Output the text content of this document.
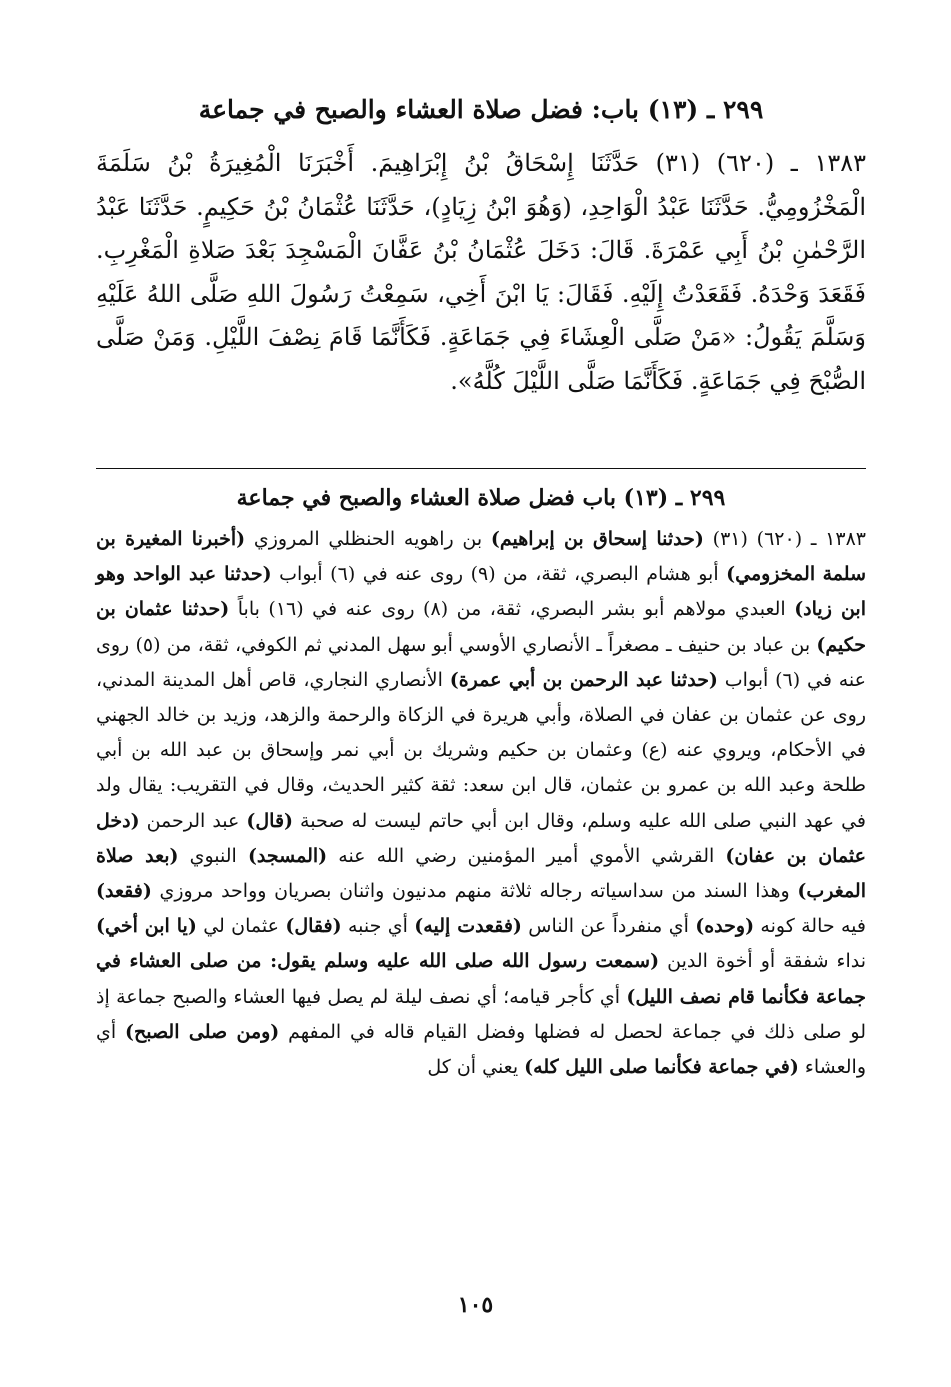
٢٩٩ ـ (١٣) باب: فضل صلاة العشاء والصبح في جماعة

١٣٨٣ ـ (٦٢٠) (٣١) حَدَّثَنَا إِسْحَاقُ بْنُ إِبْرَاهِيمَ. أَخْبَرَنَا الْمُغِيرَةُ بْنُ سَلَمَةَ الْمَخْزُومِيُّ. حَدَّثَنَا عَبْدُ الْوَاحِدِ، (وَهُوَ ابْنُ زِيَادٍ)، حَدَّثَنَا عُثْمَانُ بْنُ حَكِيمٍ. حَدَّثَنَا عَبْدُ الرَّحْمٰنِ بْنُ أَبِي عَمْرَةَ. قَالَ: دَخَلَ عُثْمَانُ بْنُ عَفَّانَ الْمَسْجِدَ بَعْدَ صَلاةِ الْمَغْرِبِ. فَقَعَدَ وَحْدَهُ. فَقَعَدْتُ إِلَيْهِ. فَقَالَ: يَا ابْنَ أَخِي، سَمِعْتُ رَسُولَ اللهِ صَلَّى اللهُ عَلَيْهِ وَسَلَّمَ يَقُولُ: «مَنْ صَلَّى الْعِشَاءَ فِي جَمَاعَةٍ. فَكَأَنَّمَا قَامَ نِصْفَ اللَّيْلِ. وَمَنْ صَلَّى الصُّبْحَ فِي جَمَاعَةٍ. فَكَأَنَّمَا صَلَّى اللَّيْلَ كُلَّهُ».

٢٩٩ ـ (١٣) باب فضل صلاة العشاء والصبح في جماعة

١٣٨٣ ـ (٦٢٠) (٣١) (حدثنا إسحاق بن إبراهيم) بن راهويه الحنظلي المروزي (أخبرنا المغيرة بن سلمة المخزومي) أبو هشام البصري، ثقة، من (٩) روى عنه في (٦) أبواب (حدثنا عبد الواحد وهو ابن زياد) العبدي مولاهم أبو بشر البصري، ثقة، من (٨) روى عنه في (١٦) باباً (حدثنا عثمان بن حكيم) بن عباد بن حنيف ـ مصغراً ـ الأنصاري الأوسي أبو سهل المدني ثم الكوفي، ثقة، من (٥) روى عنه في (٦) أبواب (حدثنا عبد الرحمن بن أبي عمرة) الأنصاري النجاري، قاص أهل المدينة المدني، روى عن عثمان بن عفان في الصلاة، وأبي هريرة في الزكاة والرحمة والزهد، وزيد بن خالد الجهني في الأحكام، ويروي عنه (ع) وعثمان بن حكيم وشريك بن أبي نمر وإسحاق بن عبد الله بن أبي طلحة وعبد الله بن عمرو بن عثمان، قال ابن سعد: ثقة كثير الحديث، وقال في التقريب: يقال ولد في عهد النبي صلى الله عليه وسلم، وقال ابن أبي حاتم ليست له صحبة (قال) عبد الرحمن (دخل عثمان بن عفان) القرشي الأموي أمير المؤمنين رضي الله عنه (المسجد) النبوي (بعد صلاة المغرب) وهذا السند من سداسياته رجاله ثلاثة منهم مدنيون واثنان بصريان وواحد مروزي (فقعد) فيه حالة كونه (وحده) أي منفرداً عن الناس (فقعدت إليه) أي جنبه (فقال) عثمان لي (يا ابن أخي) نداء شفقة أو أخوة الدين (سمعت رسول الله صلى الله عليه وسلم يقول: من صلى العشاء في جماعة فكأنما قام نصف الليل) أي كأجر قيامه؛ أي نصف ليلة لم يصل فيها العشاء والصبح جماعة إذ لو صلى ذلك في جماعة لحصل له فضلها وفضل القيام قاله في المفهم (ومن صلى الصبح) أي والعشاء (في جماعة فكأنما صلى الليل كله) يعني أن كل

١٠٥
